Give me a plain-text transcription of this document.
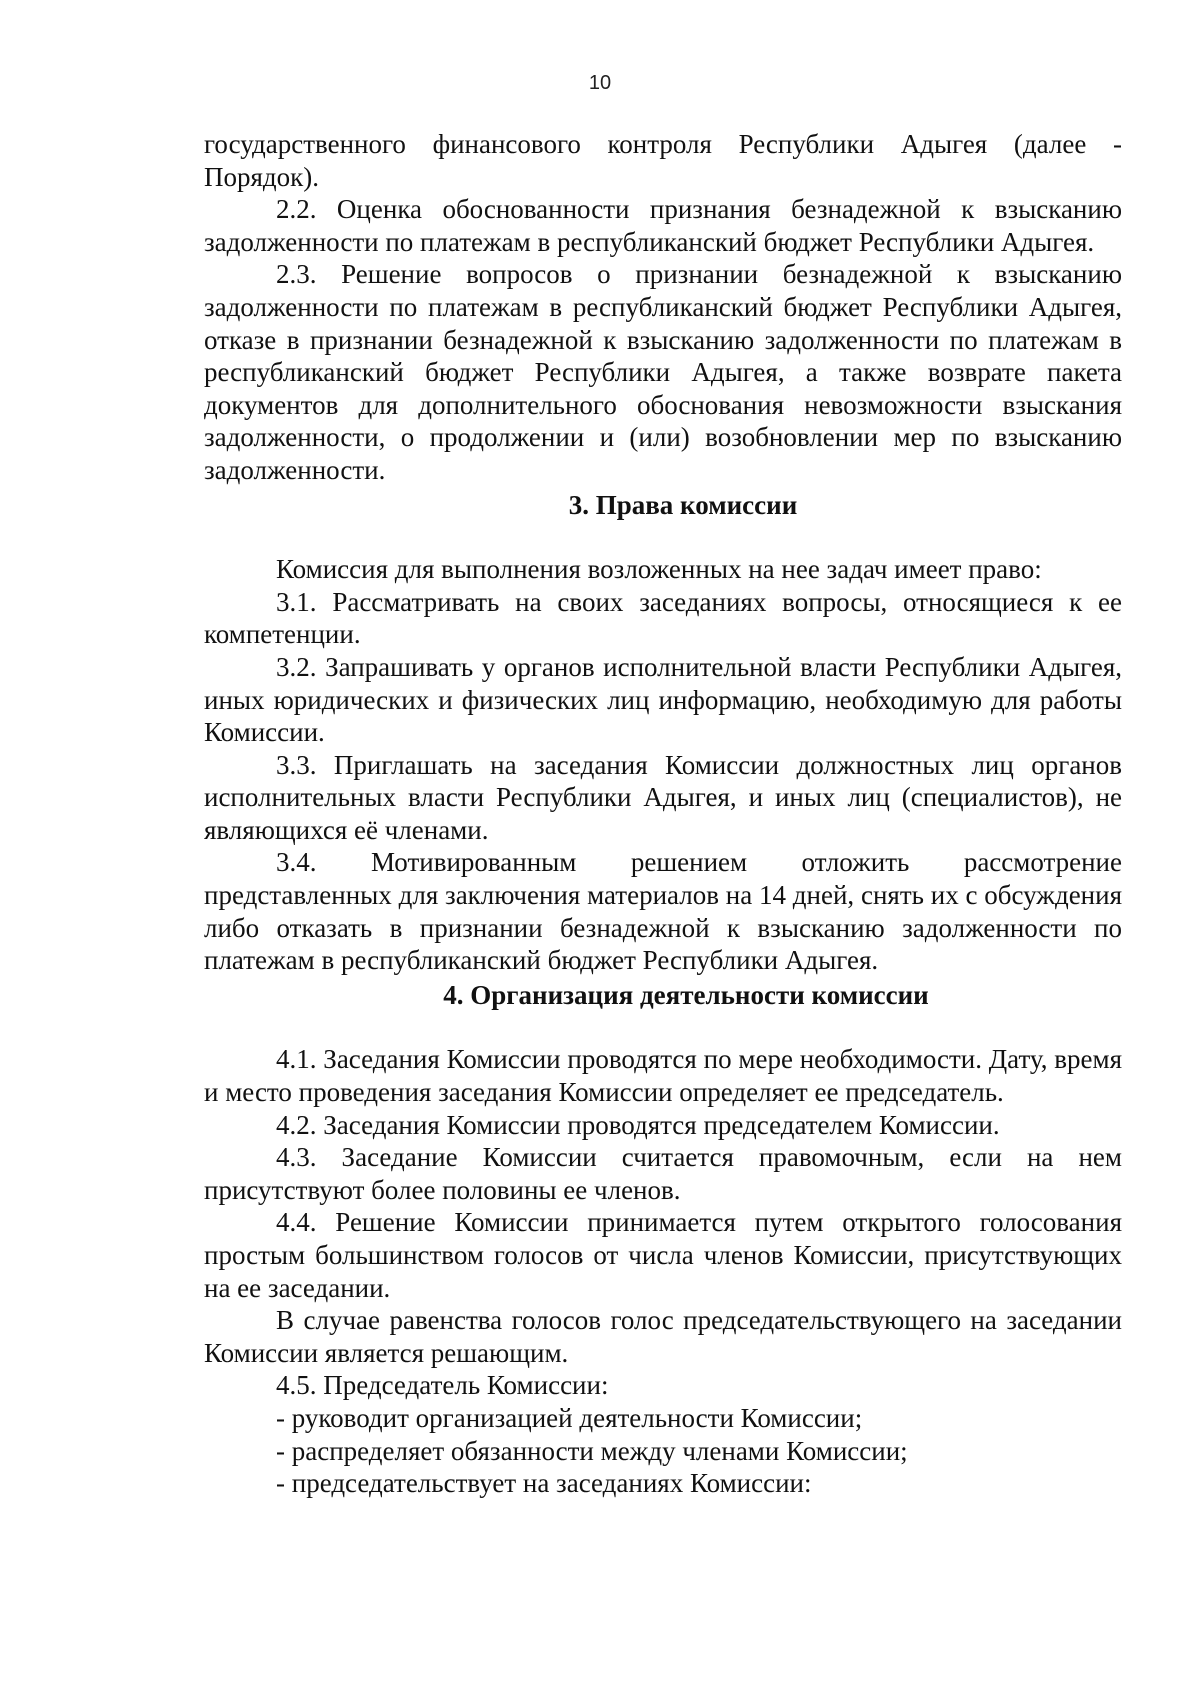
10

государственного финансового контроля Республики Адыгея (далее - Порядок).

2.2. Оценка обоснованности признания безнадежной к взысканию задолженности по платежам в республиканский бюджет Республики Адыгея.

2.3. Решение вопросов о признании безнадежной к взысканию задолженности по платежам в республиканский бюджет Республики Адыгея, отказе в признании безнадежной к взысканию задолженности по платежам в республиканский бюджет Республики Адыгея, а также возврате пакета документов для дополнительного обоснования невозможности взыскания задолженности, о продолжении и (или) возобновлении мер по взысканию задолженности.

3. Права комиссии

Комиссия для выполнения возложенных на нее задач имеет право:

3.1. Рассматривать на своих заседаниях вопросы, относящиеся к ее компетенции.

3.2. Запрашивать у органов исполнительной власти Республики Адыгея, иных юридических и физических лиц информацию, необходимую для работы Комиссии.

3.3. Приглашать на заседания Комиссии должностных лиц органов исполнительных власти Республики Адыгея, и иных лиц (специалистов), не являющихся её членами.

3.4. Мотивированным решением отложить рассмотрение представленных для заключения материалов на 14 дней, снять их с обсуждения либо отказать в признании безнадежной к взысканию задолженности по платежам в республиканский бюджет Республики Адыгея.

4. Организация деятельности комиссии

4.1. Заседания Комиссии проводятся по мере необходимости. Дату, время и место проведения заседания Комиссии определяет ее председатель.

4.2. Заседания Комиссии проводятся председателем Комиссии.

4.3. Заседание Комиссии считается правомочным, если на нем присутствуют более половины ее членов.

4.4. Решение Комиссии принимается путем открытого голосования простым большинством голосов от числа членов Комиссии, присутствующих на ее заседании.

В случае равенства голосов голос председательствующего на заседании Комиссии является решающим.

4.5. Председатель Комиссии:

- руководит организацией деятельности Комиссии;

- распределяет обязанности между членами Комиссии;

- председательствует на заседаниях Комиссии:
